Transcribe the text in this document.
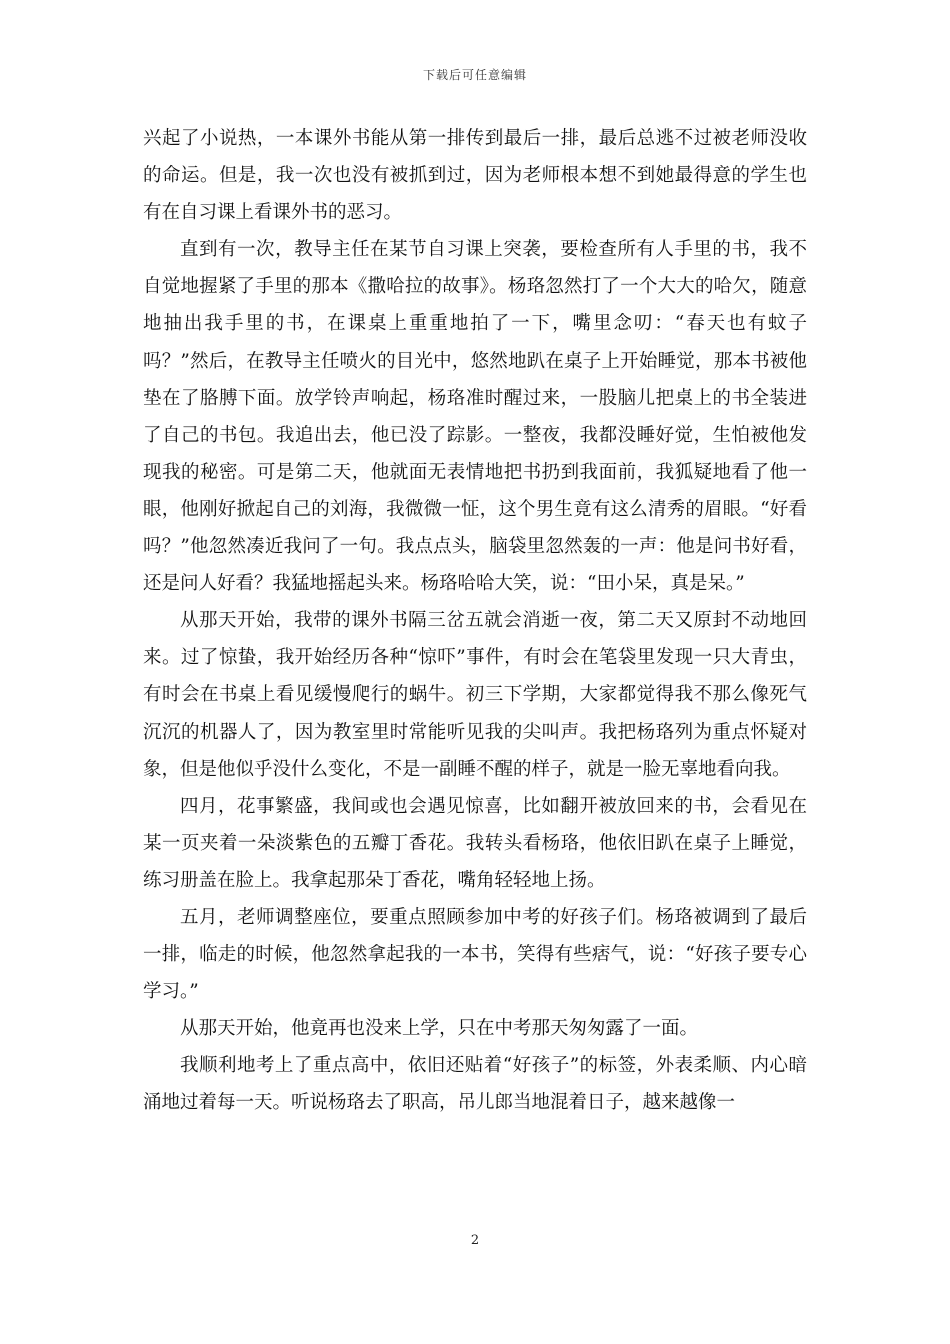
下载后可任意编辑

兴起了小说热，一本课外书能从第一排传到最后一排，最后总逃不过被老师没收的命运。但是，我一次也没有被抓到过，因为老师根本想不到她最得意的学生也有在自习课上看课外书的恶习。

直到有一次，教导主任在某节自习课上突袭，要检查所有人手里的书，我不自觉地握紧了手里的那本《撒哈拉的故事》。杨珞忽然打了一个大大的哈欠，随意地抽出我手里的书，在课桌上重重地拍了一下，嘴里念叨：“春天也有蚊子吗？”然后，在教导主任喷火的目光中，悠然地趴在桌子上开始睡觉，那本书被他垫在了胳膊下面。放学铃声响起，杨珞准时醒过来，一股脑儿把桌上的书全装进了自己的书包。我追出去，他已没了踪影。一整夜，我都没睡好觉，生怕被他发现我的秘密。可是第二天，他就面无表情地把书扔到我面前，我狐疑地看了他一眼，他刚好掀起自己的刘海，我微微一怔，这个男生竟有这么清秀的眉眼。“好看吗？”他忽然凑近我问了一句。我点点头，脑袋里忽然轰的一声：他是问书好看，还是问人好看？我猛地摇起头来。杨珞哈哈大笑，说：“田小呆，真是呆。”

从那天开始，我带的课外书隔三岔五就会消逝一夜，第二天又原封不动地回来。过了惊蛰，我开始经历各种“惊吓”事件，有时会在笔袋里发现一只大青虫，有时会在书桌上看见缓慢爬行的蜗牛。初三下学期，大家都觉得我不那么像死气沉沉的机器人了，因为教室里时常能听见我的尖叫声。我把杨珞列为重点怀疑对象，但是他似乎没什么变化，不是一副睡不醒的样子，就是一脸无辜地看向我。

四月，花事繁盛，我间或也会遇见惊喜，比如翻开被放回来的书，会看见在某一页夹着一朵淡紫色的五瓣丁香花。我转头看杨珞，他依旧趴在桌子上睡觉，练习册盖在脸上。我拿起那朵丁香花，嘴角轻轻地上扬。

五月，老师调整座位，要重点照顾参加中考的好孩子们。杨珞被调到了最后一排，临走的时候，他忽然拿起我的一本书，笑得有些痞气，说：“好孩子要专心学习。”

从那天开始，他竟再也没来上学，只在中考那天匆匆露了一面。

我顺利地考上了重点高中，依旧还贴着“好孩子”的标签，外表柔顺、内心暗涌地过着每一天。听说杨珞去了职高，吊儿郎当地混着日子，越来越像一

2
